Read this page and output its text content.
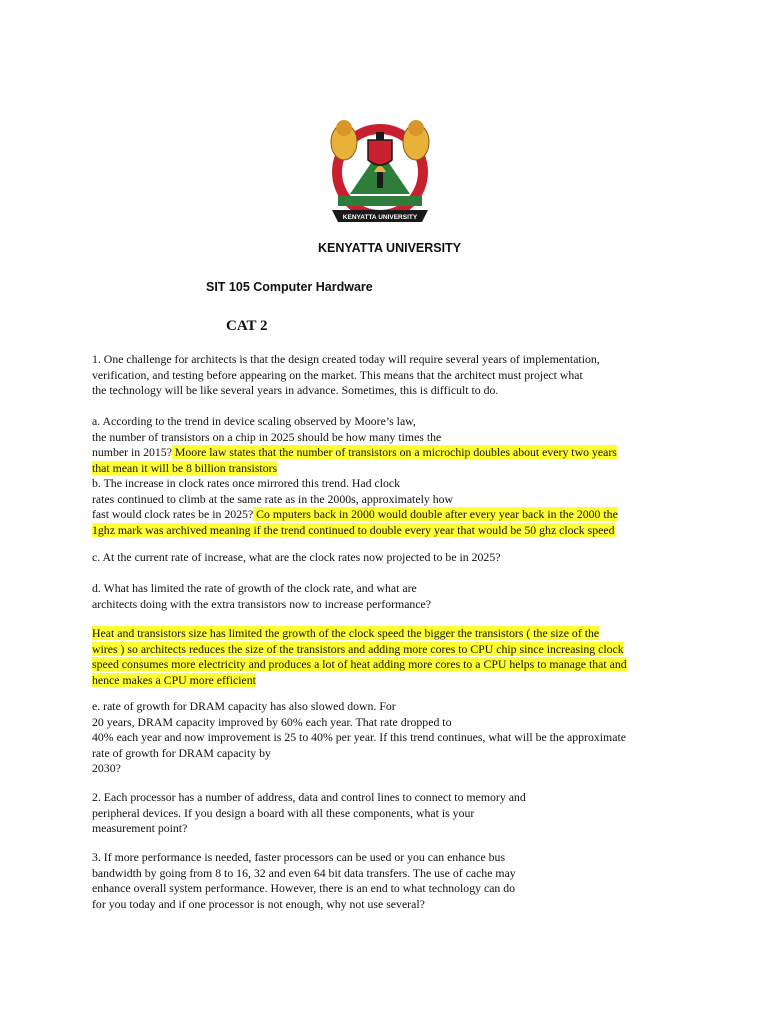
KENYATTA UNIVERSITY

KENYATTA UNIVERSITY

SIT 105 Computer Hardware

CAT 2

1. One challenge for architects is that the design created today will require several years of implementation,
verification, and testing before appearing on the market. This means that the architect must project what
the technology will be like several years in advance. Sometimes, this is difficult to do.
a. According to the trend in device scaling observed by Moore’s law,
the number of transistors on a chip in 2025 should be how many times the
number in 2015? Moore law states that the number of transistors on a microchip doubles about every two years
that mean it will be 8 billion transistors
b. The increase in clock rates once mirrored this trend. Had clock
rates continued to climb at the same rate as in the 2000s, approximately how
fast would clock rates be in 2025? Co mputers back in 2000 would double after every year back in the 2000 the
1ghz mark was archived meaning if the trend continued to double every year that would be 50 ghz clock speed
c. At the current rate of increase, what are the clock rates now projected to be in 2025?
d. What has limited the rate of growth of the clock rate, and what are
architects doing with the extra transistors now to increase performance?
Heat and transistors size has limited the growth of the clock speed the bigger the transistors ( the size of the
wires ) so architects reduces the size of the transistors and adding more cores to CPU chip since increasing clock
speed consumes more electricity and produces a lot of heat adding more cores to a CPU helps to manage that and
hence makes a CPU more efficient
e. rate of growth for DRAM capacity has also slowed down. For
20 years, DRAM capacity improved by 60% each year. That rate dropped to
40% each year and now improvement is 25 to 40% per year. If this trend continues, what will be the approximate
rate of growth for DRAM capacity by
2030?
2. Each processor has a number of address, data and control lines to connect to memory and
peripheral devices. If you design a board with all these components, what is your
measurement point?
3. If more performance is needed, faster processors can be used or you can enhance bus
bandwidth by going from 8 to 16, 32 and even 64 bit data transfers. The use of cache may
enhance overall system performance. However, there is an end to what technology can do
for you today and if one processor is not enough, why not use several?
